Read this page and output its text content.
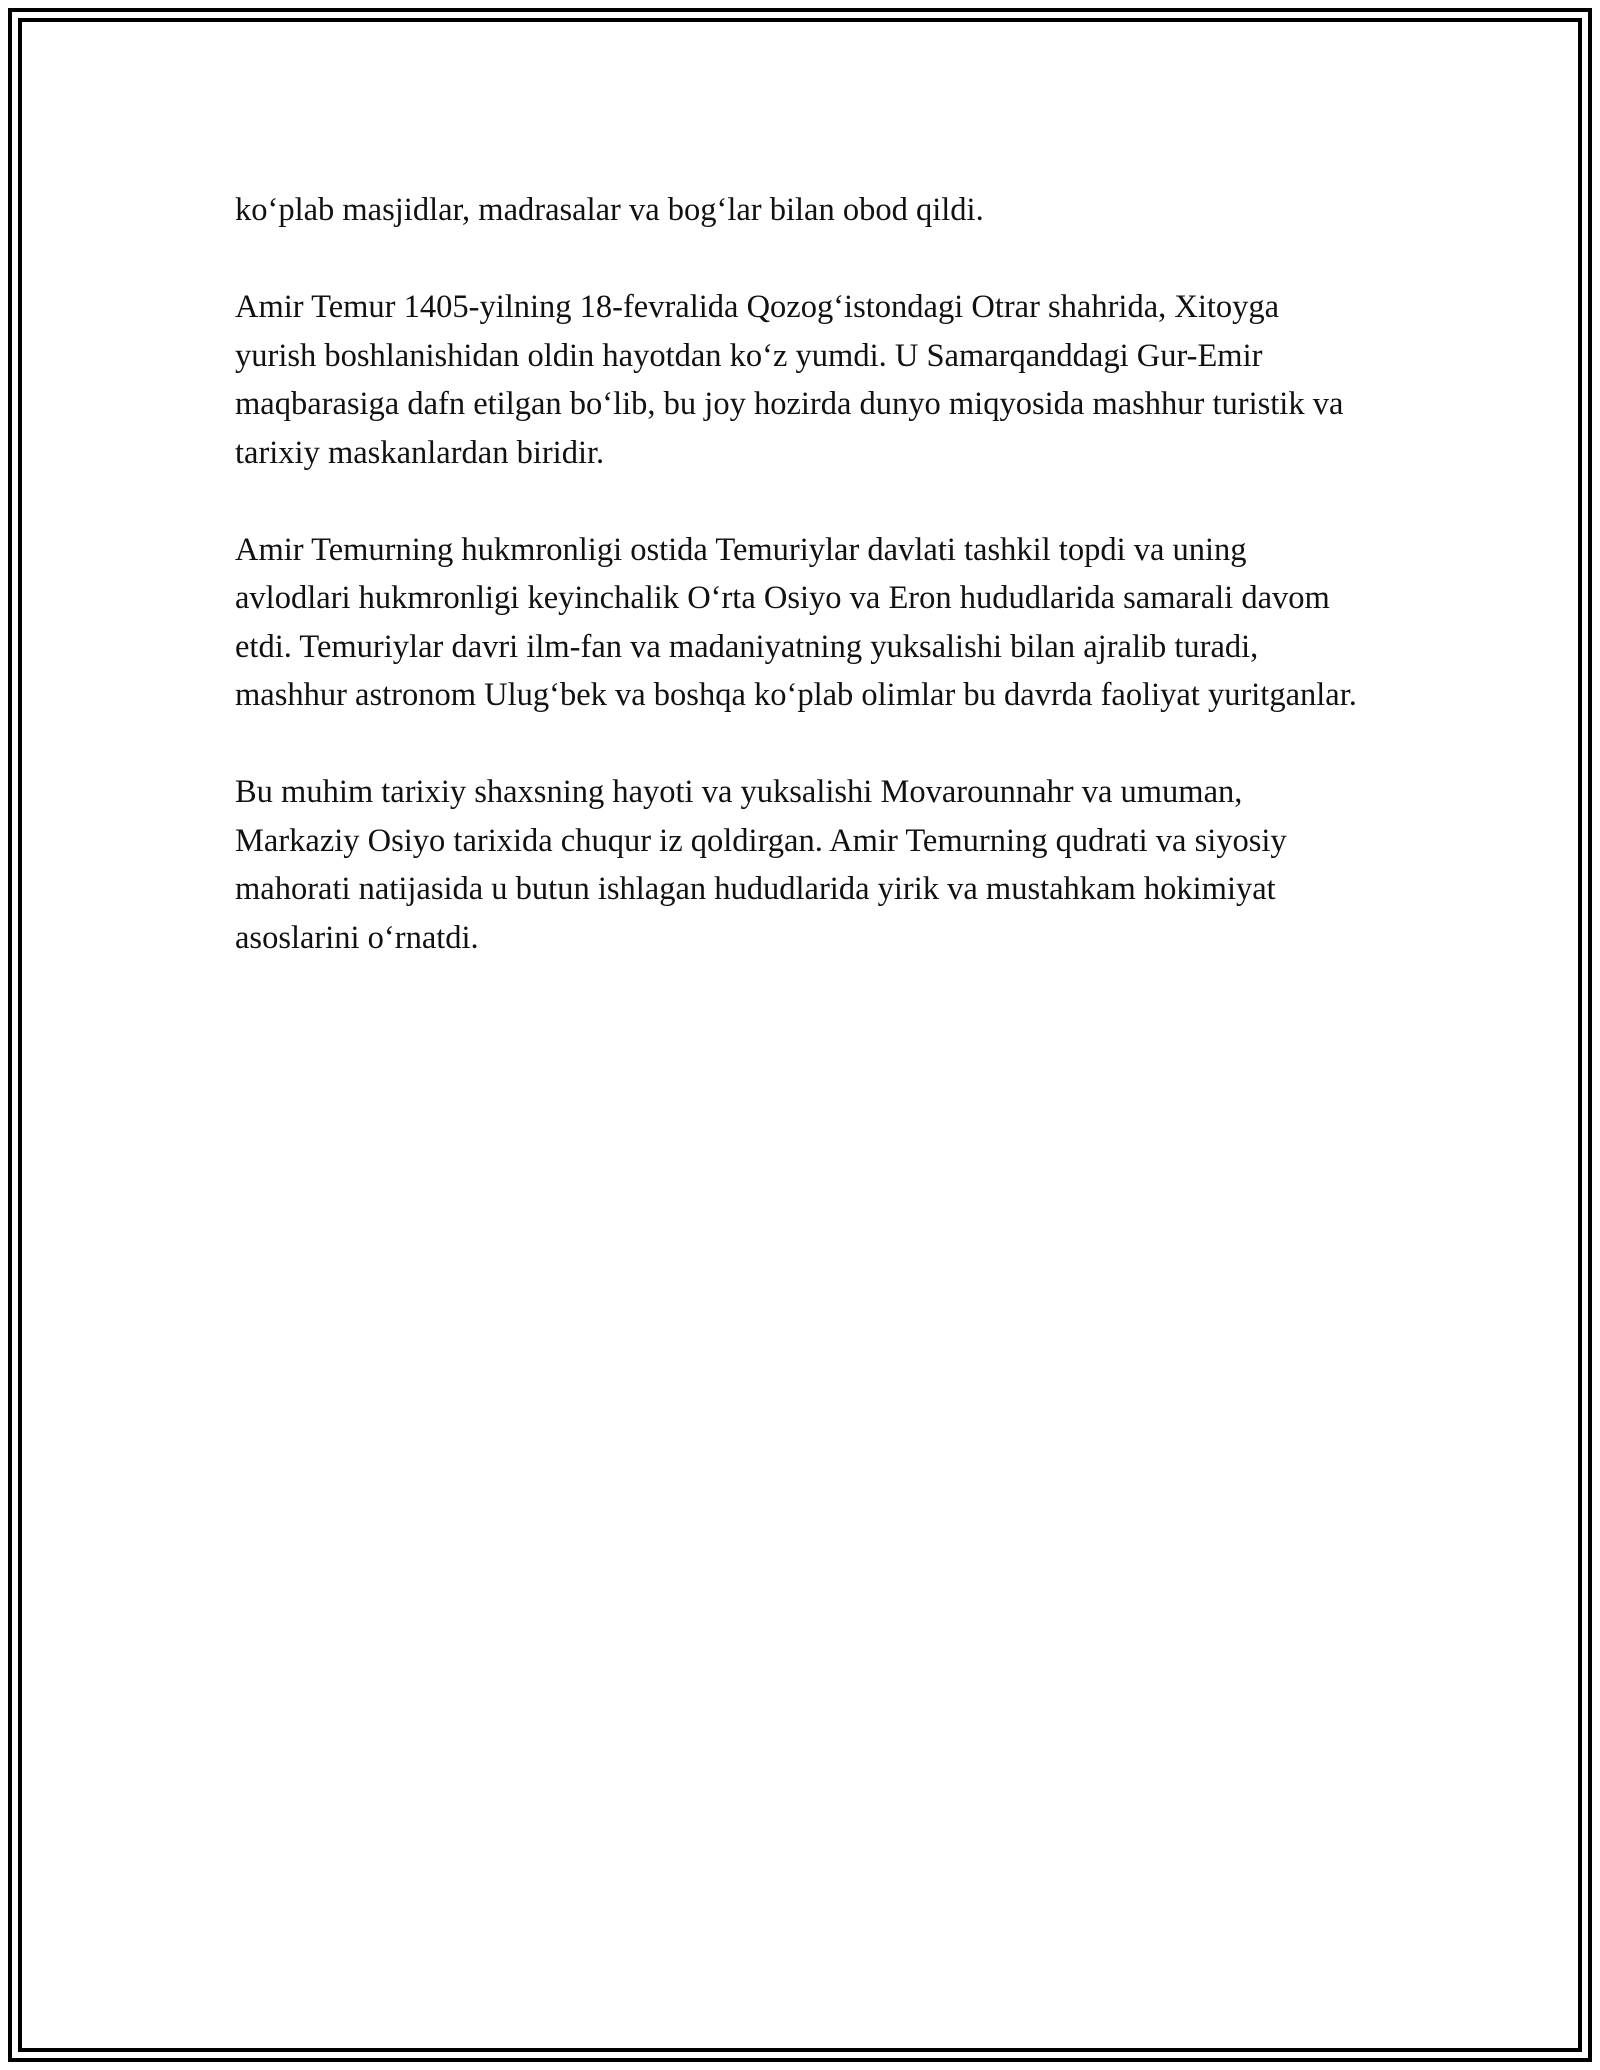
ko‘plab masjidlar, madrasalar va bog‘lar bilan obod qildi.

Amir Temur 1405-yilning 18-fevralida Qozog‘istondagi Otrar shahrida, Xitoyga yurish boshlanishidan oldin hayotdan ko‘z yumdi. U Samarqanddagi Gur-Emir maqbarasiga dafn etilgan bo‘lib, bu joy hozirda dunyo miqyosida mashhur turistik va tarixiy maskanlardan biridir.

Amir Temurning hukmronligi ostida Temuriylar davlati tashkil topdi va uning avlodlari hukmronligi keyinchalik O‘rta Osiyo va Eron hududlarida samarali davom etdi. Temuriylar davri ilm-fan va madaniyatning yuksalishi bilan ajralib turadi, mashhur astronom Ulug‘bek va boshqa ko‘plab olimlar bu davrda faoliyat yuritganlar.

Bu muhim tarixiy shaxsning hayoti va yuksalishi Movarounnahr va umuman, Markaziy Osiyo tarixida chuqur iz qoldirgan. Amir Temurning qudrati va siyosiy mahorati natijasida u butun ishlagan hududlarida yirik va mustahkam hokimiyat asoslarini o‘rnatdi.
